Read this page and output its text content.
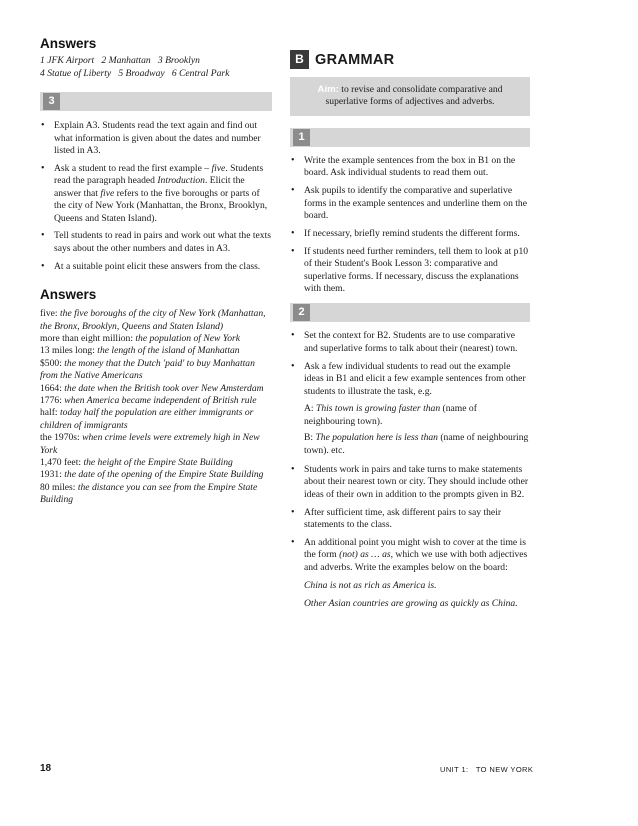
Answers

1 JFK Airport   2 Manhattan   3 Brooklyn

4 Statue of Liberty   5 Broadway   6 Central Park

3
• Explain A3. Students read the text again and find out what information is given about the dates and number listed in A3.
• Ask a student to read the first example – five. Students read the paragraph headed Introduction. Elicit the answer that five refers to the five boroughs or parts of the city of New York (Manhattan, the Bronx, Brooklyn, Queens and Staten Island).
• Tell students to read in pairs and work out what the texts says about the other numbers and dates in A3.
• At a suitable point elicit these answers from the class.
Answers

five: the five boroughs of the city of New York (Manhattan, the Bronx, Brooklyn, Queens and Staten Island)

more than eight million: the population of New York

13 miles long: the length of the island of Manhattan

$500: the money that the Dutch 'paid' to buy Manhattan from the Native Americans

1664: the date when the British took over New Amsterdam

1776: when America became independent of British rule

half: today half the population are either immigrants or children of immigrants

the 1970s: when crime levels were extremely high in New York

1,470 feet: the height of the Empire State Building

1931: the date of the opening of the Empire State Building

80 miles: the distance you can see from the Empire State Building

B GRAMMAR
Aim: to revise and consolidate comparative and superlative forms of adjectives and adverbs.
1
• Write the example sentences from the box in B1 on the board. Ask individual students to read them out.
• Ask pupils to identify the comparative and superlative forms in the example sentences and underline them on the board.
• If necessary, briefly remind students the different forms.
• If students need further reminders, tell them to look at p10 of their Student's Book Lesson 3: comparative and superlative forms. If necessary, discuss the explanations with them.
2
• Set the context for B2. Students are to use comparative and superlative forms to talk about their (nearest) town.
• Ask a few individual students to read out the example ideas in B1 and elicit a few example sentences from other students to illustrate the task, e.g.

A: This town is growing faster than (name of neighbouring town).

B: The population here is less than (name of neighbouring town). etc.

• Students work in pairs and take turns to make statements about their nearest town or city. They should include other ideas of their own in addition to the prompts given in B2.
• After sufficient time, ask different pairs to say their statements to the class.
• An additional point you might wish to cover at the time is the form (not) as … as, which we use with both adjectives and adverbs. Write the examples below on the board:

China is not as rich as America is.

Other Asian countries are growing as quickly as China.

18	UNIT 1:   TO NEW YORK
